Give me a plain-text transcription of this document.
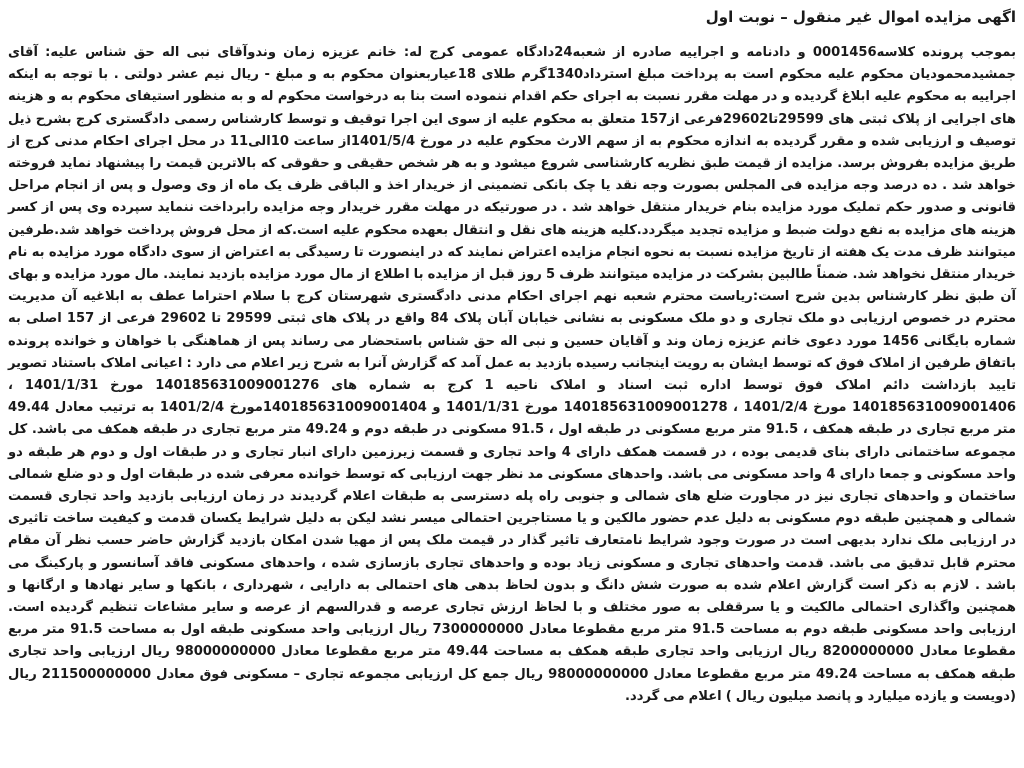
اگهی مزایده اموال غیر منقول – نوبت اول

بموجب پرونده کلاسه0001456 و دادنامه و اجراییه صادره از شعبه24دادگاه عمومی کرج له: خانم عزیزه زمان وندوآقای نبی اله حق شناس علیه: آقای جمشیدمحمودیان محکوم علیه محکوم است به پرداخت مبلغ استرداد1340گرم طلای 18عیاربعنوان محکوم به و مبلغ - ریال نیم عشر دولتی . با توجه به اینکه اجراییه به محکوم علیه ابلاغ گردیده و در مهلت مقرر نسبت به اجرای حکم اقدام ننموده است بنا به درخواست محکوم له و به منظور استیفای محکوم به و هزینه های اجرایی از پلاک ثبتی های 29599تا29602فرعی از157 متعلق به محکوم علیه از سوی این اجرا توقیف و توسط کارشناس رسمی دادگستری کرج بشرح ذیل توصیف و ارزیابی شده و مقرر گردیده به اندازه محکوم به از سهم الارث محکوم علیه در مورخ 1401/5/4از ساعت 10الی11 در محل اجرای احکام مدنی کرج از طریق مزایده بفروش برسد. مزایده از قیمت طبق نظریه کارشناسی شروع میشود و به هر شخص حقیقی و حقوقی که بالاترین قیمت را پیشنهاد نماید فروخته خواهد شد . ده درصد وجه مزایده فی المجلس بصورت وجه نقد یا چک بانکی تضمینی از خریدار اخذ و الباقی ظرف یک ماه از وی وصول و پس از انجام مراحل قانونی و صدور حکم تملیک مورد مزایده بنام خریدار منتقل خواهد شد . در صورتیکه در مهلت مقرر خریدار وجه مزایده رابرداخت ننماید سپرده وی پس از کسر هزینه های مزایده به نفع دولت ضبط و مزایده تجدید میگردد.کلیه هزینه های نقل و انتقال بعهده محکوم علیه است.که از محل فروش پرداخت خواهد شد.طرفین میتوانند ظرف مدت یک هفته از تاریخ مزایده نسبت به نحوه انجام مزایده اعتراض نمایند که در اینصورت تا رسیدگی به اعتراض از سوی دادگاه مورد مزایده به نام خریدار منتقل نخواهد شد. ضمناً طالبین بشرکت در مزایده میتوانند ظرف 5 روز قبل از مزایده با اطلاع از مال مورد مزایده بازدید نمایند. مال مورد مزایده و بهای آن طبق نظر کارشناس بدین شرح است:ریاست محترم شعبه نهم اجرای احکام مدنی دادگستری شهرستان کرج با سلام احتراما عطف به ابلاغیه آن مدیریت محترم در خصوص ارزیابی دو ملک تجاری و دو ملک مسکونی به نشانی خیابان آبان پلاک 84 واقع در پلاک های ثبتی 29599 تا 29602 فرعی از 157 اصلی به شماره بایگانی 1456 مورد دعوی خانم عزیزه زمان وند و آقایان حسین و نبی اله حق شناس باستحضار می رساند پس از هماهنگی با خواهان و خوانده پرونده باتفاق طرفین از املاک فوق که توسط ایشان به رویت اینجانب رسیده بازدید به عمل آمد که گزارش آنرا به شرح زیر اعلام می دارد : اعیانی املاک باستناد تصویر تایید بازداشت دائم املاک فوق توسط اداره ثبت اسناد و املاک ناحیه 1 کرج به شماره های 140185631009001276 مورخ 1401/1/31 ، 140185631009001406 مورخ 1401/2/4 ، 140185631009001278 مورخ 1401/1/31 و 140185631009001404مورخ 1401/2/4 به ترتیب معادل 49.44 متر مربع تجاری در طبقه همکف ، 91.5 متر مربع مسکونی در طبقه اول ، 91.5 مسکونی در طبقه دوم و 49.24 متر مربع تجاری در طبقه همکف می باشد. کل مجموعه ساختمانی دارای بنای قدیمی بوده ، در قسمت همکف دارای 4 واحد تجاری و قسمت زیرزمین دارای انبار تجاری و در طبقات اول و دوم هر طبقه دو واحد مسکونی و جمعا دارای 4 واحد مسکونی می باشد. واحدهای مسکونی مد نظر جهت ارزیابی که توسط خوانده معرفی شده در طبقات اول و دو ضلع شمالی ساختمان و واحدهای تجاری نیز در مجاورت ضلع های شمالی و جنوبی راه پله دسترسی به طبقات اعلام گردیدند در زمان ارزیابی بازدید واحد تجاری قسمت شمالی و همچنین طبقه دوم مسکونی به دلیل عدم حضور مالکین و یا مستاجرین احتمالی میسر نشد لیکن به دلیل شرایط یکسان قدمت و کیفیت ساخت تاثیری در ارزیابی ملک ندارد بدیهی است در صورت وجود شرایط نامتعارف تاثیر گذار در قیمت ملک پس از مهیا شدن امکان بازدید گزارش حاضر حسب نظر آن مقام محترم قابل تدقیق می باشد. قدمت واحدهای تجاری و مسکونی زیاد بوده و واحدهای تجاری بازسازی شده ، واحدهای مسکونی فاقد آسانسور و پارکینگ می باشد . لازم به ذکر است گزارش اعلام شده به صورت شش دانگ و بدون لحاظ بدهی های احتمالی به دارایی ، شهرداری ، بانکها و سایر نهادها و ارگانها و همچنین واگذاری احتمالی مالکیت و یا سرقفلی به صور مختلف و با لحاظ ارزش تجاری عرصه و قدرالسهم از عرصه و سایر مشاعات تنظیم گردیده است. ارزیابی واحد مسکونی طبقه دوم به مساحت 91.5 متر مربع مقطوعا معادل 7300000000 ریال ارزیابی واحد مسکونی طبقه اول به مساحت 91.5 متر مربع مقطوعا معادل 8200000000 ریال ارزیابی واحد تجاری طبقه همکف به مساحت 49.44 متر مربع مقطوعا معادل 98000000000 ریال ارزیابی واحد تجاری طبقه همکف به مساحت 49.24 متر مربع مقطوعا معادل 98000000000 ریال جمع کل ارزیابی مجموعه تجاری – مسکونی فوق معادل 211500000000 ریال (دویست و یازده میلیارد و پانصد میلیون ریال ) اعلام می گردد.
